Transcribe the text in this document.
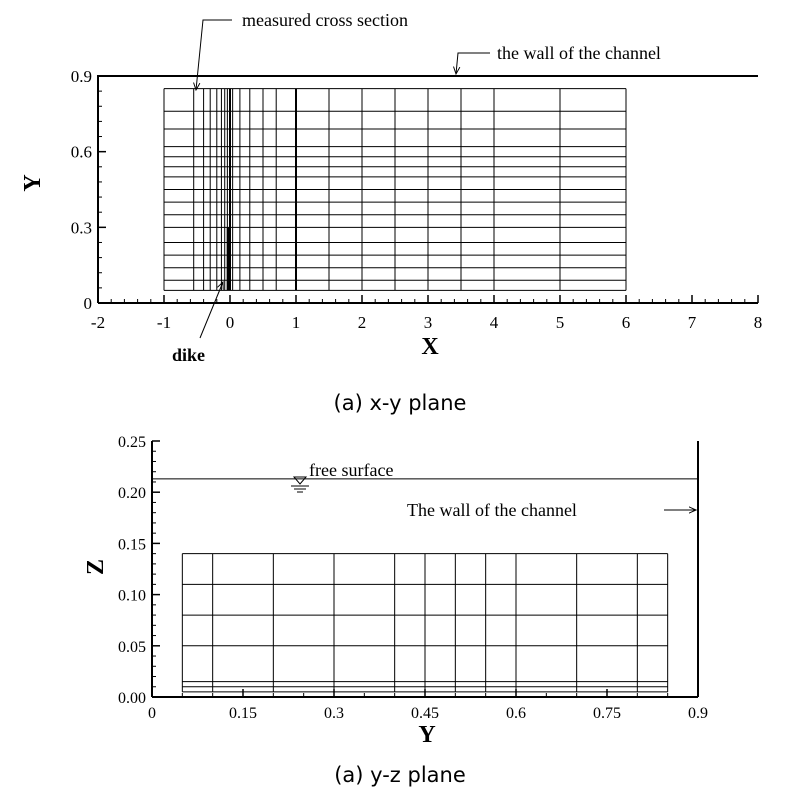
-2	-1	0	1	2	3	4	5	6	7	8
0
0.3
0.6
0.9
X
Y
measured cross section
the wall of the channel
dike
(a) x-y plane
0	0.15	0.3	0.45	0.6	0.75	0.9
0.00
0.05
0.10
0.15
0.20
0.25
free surface
The wall of the channel
Y
Z
(a) y-z plane
